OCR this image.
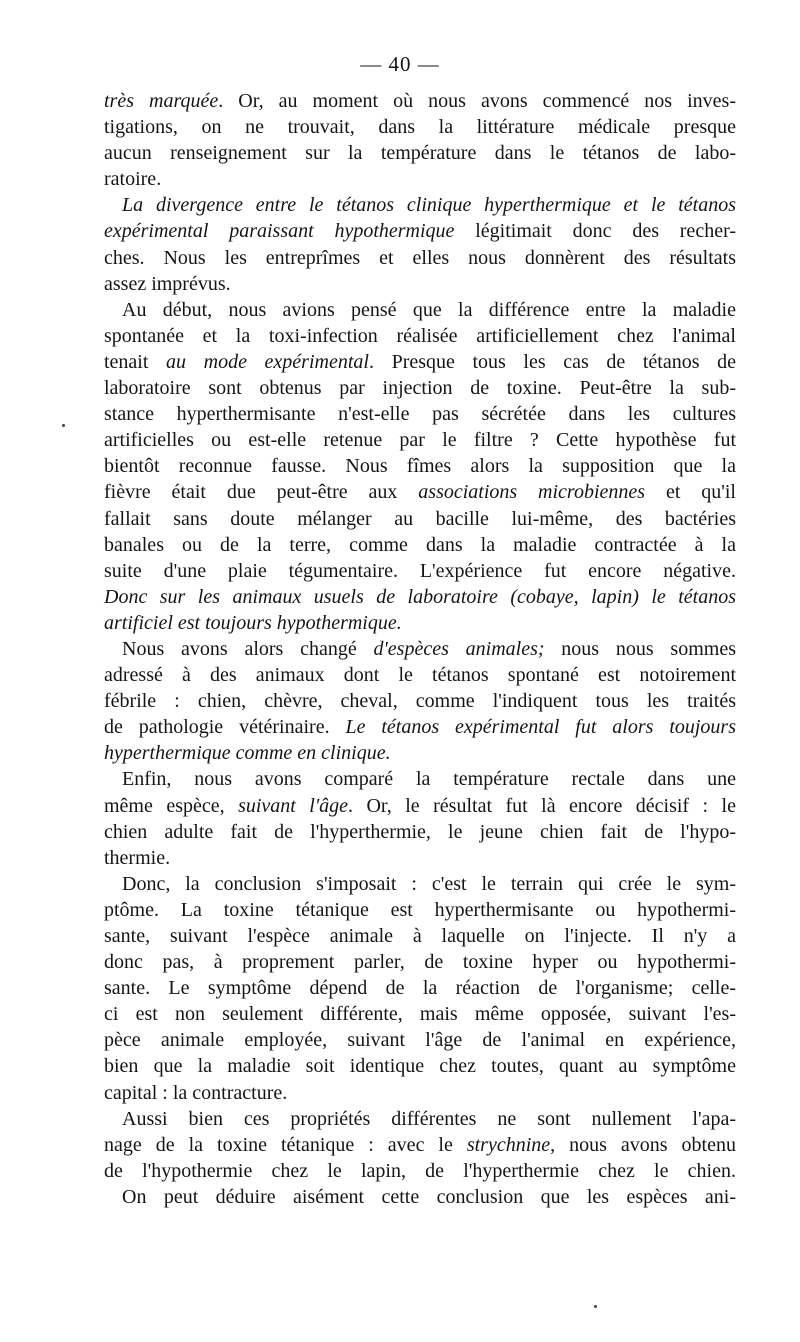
— 40 —
très marquée. Or, au moment où nous avons commencé nos inves-
tigations, on ne trouvait, dans la littérature médicale presque
aucun renseignement sur la température dans le tétanos de labo-
ratoire.
La divergence entre le tétanos clinique hyperthermique et le tétanos
expérimental paraissant hypothermique légitimait donc des recher-
ches. Nous les entreprîmes et elles nous donnèrent des résultats
assez imprévus.
Au début, nous avions pensé que la différence entre la maladie
spontanée et la toxi-infection réalisée artificiellement chez l'animal
tenait au mode expérimental. Presque tous les cas de tétanos de
laboratoire sont obtenus par injection de toxine. Peut-être la sub-
stance hyperthermisante n'est-elle pas sécrétée dans les cultures
artificielles ou est-elle retenue par le filtre ? Cette hypothèse fut
bientôt reconnue fausse. Nous fîmes alors la supposition que la
fièvre était due peut-être aux associations microbiennes et qu'il
fallait sans doute mélanger au bacille lui-même, des bactéries
banales ou de la terre, comme dans la maladie contractée à la
suite d'une plaie tégumentaire. L'expérience fut encore négative.
Donc sur les animaux usuels de laboratoire (cobaye, lapin) le tétanos
artificiel est toujours hypothermique.
Nous avons alors changé d'espèces animales; nous nous sommes
adressé à des animaux dont le tétanos spontané est notoirement
fébrile : chien, chèvre, cheval, comme l'indiquent tous les traités
de pathologie vétérinaire. Le tétanos expérimental fut alors toujours
hyperthermique comme en clinique.
Enfin, nous avons comparé la température rectale dans une
même espèce, suivant l'âge. Or, le résultat fut là encore décisif : le
chien adulte fait de l'hyperthermie, le jeune chien fait de l'hypo-
thermie.
Donc, la conclusion s'imposait : c'est le terrain qui crée le sym-
ptôme. La toxine tétanique est hyperthermisante ou hypothermi-
sante, suivant l'espèce animale à laquelle on l'injecte. Il n'y a
donc pas, à proprement parler, de toxine hyper ou hypothermi-
sante. Le symptôme dépend de la réaction de l'organisme; celle-
ci est non seulement différente, mais même opposée, suivant l'es-
pèce animale employée, suivant l'âge de l'animal en expérience,
bien que la maladie soit identique chez toutes, quant au symptôme
capital : la contracture.
Aussi bien ces propriétés différentes ne sont nullement l'apa-
nage de la toxine tétanique : avec le strychnine, nous avons obtenu
de l'hypothermie chez le lapin, de l'hyperthermie chez le chien.
On peut déduire aisément cette conclusion que les espèces ani-
